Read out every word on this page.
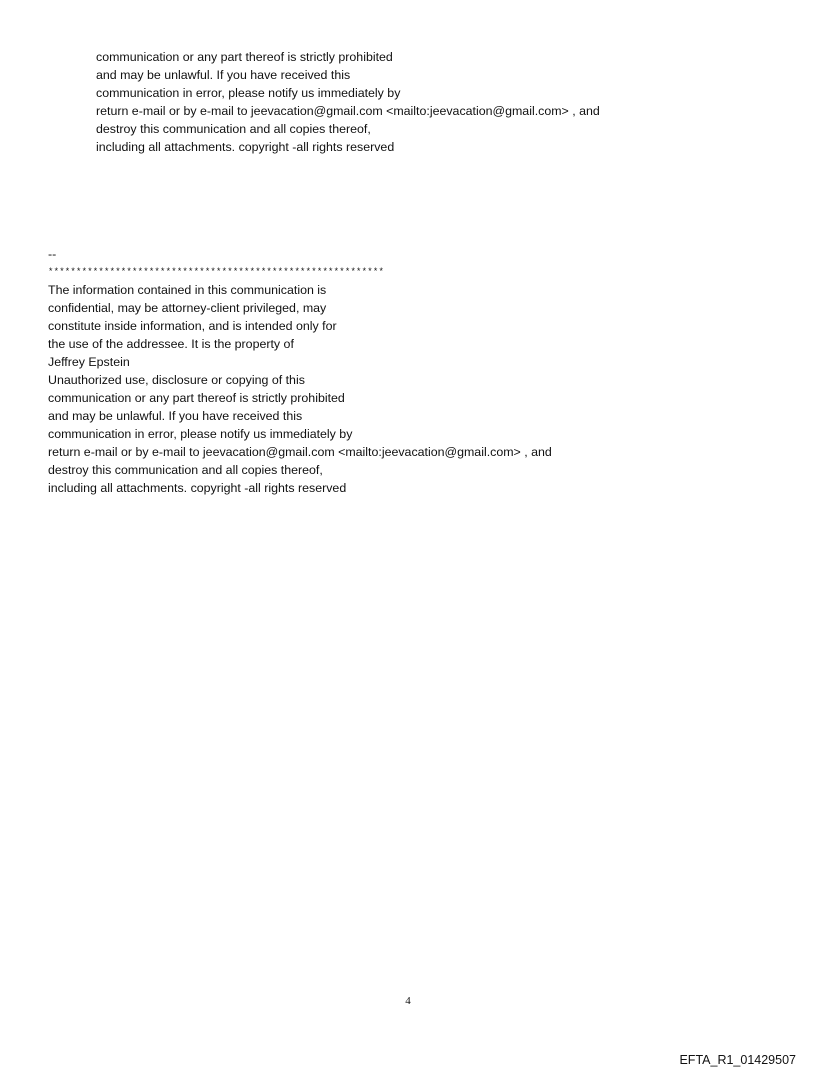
communication or any part thereof is strictly prohibited
and may be unlawful. If you have received this
communication in error, please notify us immediately by
return e-mail or by e-mail to jeevacation@gmail.com <mailto:jeevacation@gmail.com> , and
destroy this communication and all copies thereof,
including all attachments. copyright -all rights reserved
--
************************************************************
The information contained in this communication is
confidential, may be attorney-client privileged, may
constitute inside information, and is intended only for
the use of the addressee. It is the property of
Jeffrey Epstein
Unauthorized use, disclosure or copying of this
communication or any part thereof is strictly prohibited
and may be unlawful. If you have received this
communication in error, please notify us immediately by
return e-mail or by e-mail to jeevacation@gmail.com <mailto:jeevacation@gmail.com> , and
destroy this communication and all copies thereof,
including all attachments. copyright -all rights reserved
4
EFTA_R1_01429507
